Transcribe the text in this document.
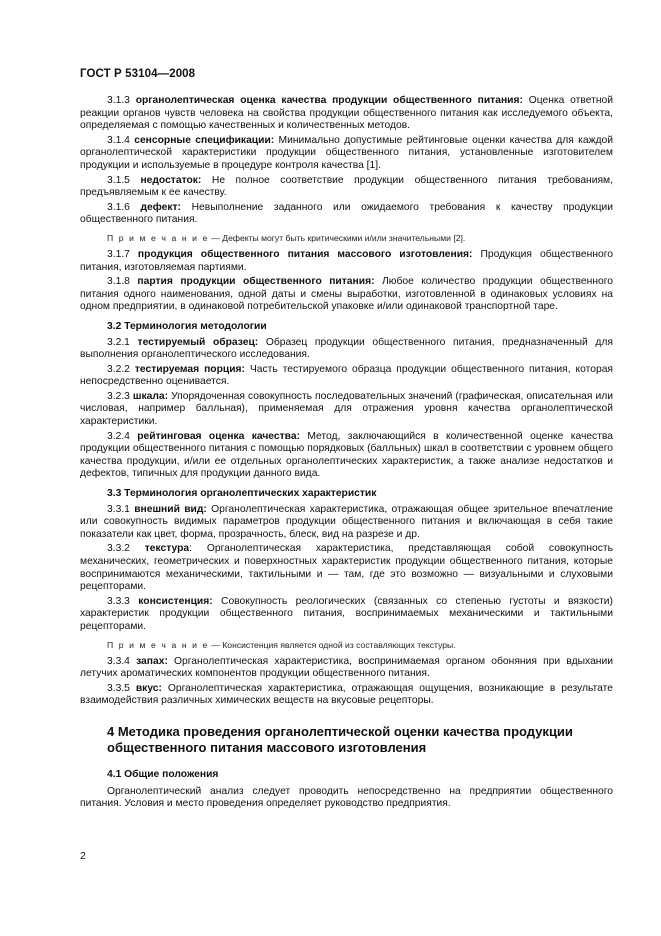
ГОСТ Р 53104—2008

3.1.3 органолептическая оценка качества продукции общественного питания: Оценка ответной реакции органов чувств человека на свойства продукции общественного питания как исследуемого объекта, определяемая с помощью качественных и количественных методов.

3.1.4 сенсорные спецификации: Минимально допустимые рейтинговые оценки качества для каждой органолептической характеристики продукции общественного питания, установленные изготовителем продукции и используемые в процедуре контроля качества [1].

3.1.5 недостаток: Не полное соответствие продукции общественного питания требованиям, предъявляемым к ее качеству.

3.1.6 дефект: Невыполнение заданного или ожидаемого требования к качеству продукции общественного питания.

П р и м е ч а н и е — Дефекты могут быть критическими и/или значительными [2].

3.1.7 продукция общественного питания массового изготовления: Продукция общественного питания, изготовляемая партиями.

3.1.8 партия продукции общественного питания: Любое количество продукции общественного питания одного наименования, одной даты и смены выработки, изготовленной в одинаковых условиях на одном предприятии, в одинаковой потребительской упаковке и/или одинаковой транспортной таре.

3.2 Терминология методологии

3.2.1 тестируемый образец: Образец продукции общественного питания, предназначенный для выполнения органолептического исследования.

3.2.2 тестируемая порция: Часть тестируемого образца продукции общественного питания, которая непосредственно оценивается.

3.2.3 шкала: Упорядоченная совокупность последовательных значений (графическая, описательная или числовая, например балльная), применяемая для отражения уровня качества органолептической характеристики.

3.2.4 рейтинговая оценка качества: Метод, заключающийся в количественной оценке качества продукции общественного питания с помощью порядковых (балльных) шкал в соответствии с уровнем общего качества продукции, и/или ее отдельных органолептических характеристик, а также анализе недостатков и дефектов, типичных для продукции данного вида.

3.3 Терминология органолептических характеристик

3.3.1 внешний вид: Органолептическая характеристика, отражающая общее зрительное впечатление или совокупность видимых параметров продукции общественного питания и включающая в себя такие показатели как цвет, форма, прозрачность, блеск, вид на разрезе и др.

3.3.2 текстура: Органолептическая характеристика, представляющая собой совокупность механических, геометрических и поверхностных характеристик продукции общественного питания, которые воспринимаются механическими, тактильными и — там, где это возможно — визуальными и слуховыми рецепторами.

3.3.3 консистенция: Совокупность реологических (связанных со степенью густоты и вязкости) характеристик продукции общественного питания, воспринимаемых механическими и тактильными рецепторами.

П р и м е ч а н и е — Консистенция является одной из составляющих текстуры.

3.3.4 запах: Органолептическая характеристика, воспринимаемая органом обоняния при вдыхании летучих ароматических компонентов продукции общественного питания.

3.3.5 вкус: Органолептическая характеристика, отражающая ощущения, возникающие в результате взаимодействия различных химических веществ на вкусовые рецепторы.

4 Методика проведения органолептической оценки качества продукции общественного питания массового изготовления

4.1 Общие положения

Органолептический анализ следует проводить непосредственно на предприятии общественного питания. Условия и место проведения определяет руководство предприятия.

2
